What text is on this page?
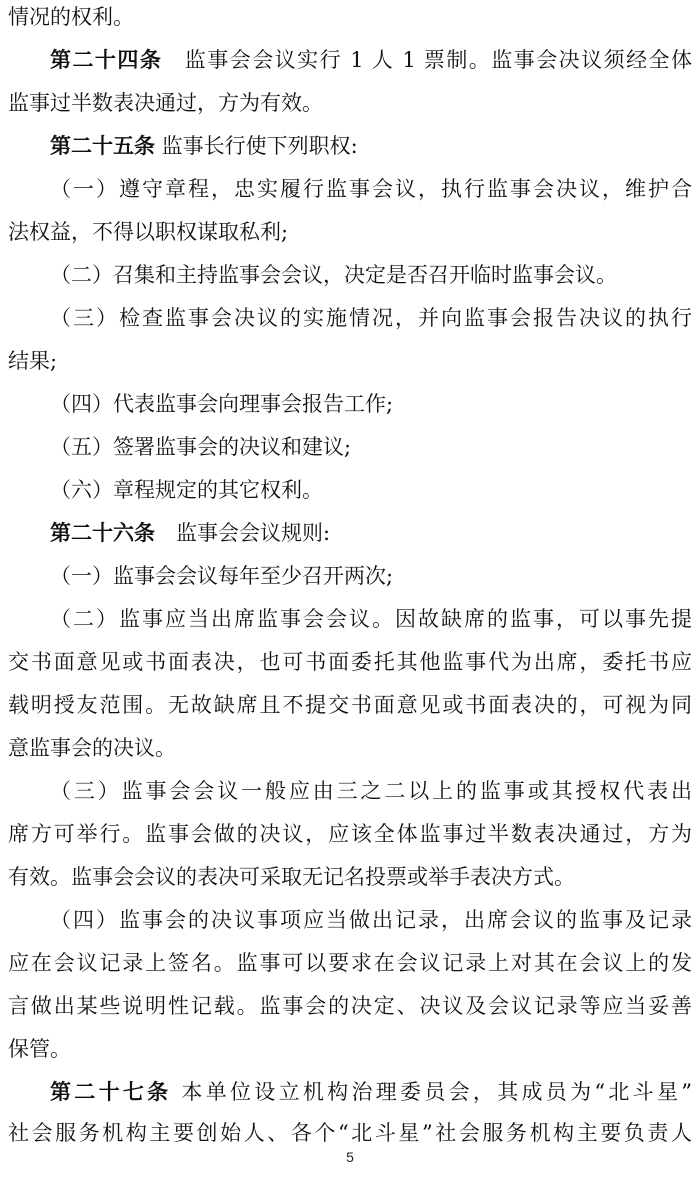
情况的权利。
第二十四条　监事会会议实行 1 人 1 票制。监事会决议须经全体
监事过半数表决通过，方为有效。
第二十五条 监事长行使下列职权:
（一）遵守章程，忠实履行监事会议，执行监事会决议，维护合
法权益，不得以职权谋取私利;
（二）召集和主持监事会会议，决定是否召开临时监事会议。
（三）检查监事会决议的实施情况，并向监事会报告决议的执行
结果;
（四）代表监事会向理事会报告工作;
（五）签署监事会的决议和建议;
（六）章程规定的其它权利。
第二十六条　监事会会议规则:
（一）监事会会议每年至少召开两次;
（二）监事应当出席监事会会议。因故缺席的监事，可以事先提
交书面意见或书面表决，也可书面委托其他监事代为出席，委托书应
载明授友范围。无故缺席且不提交书面意见或书面表决的，可视为同
意监事会的决议。
（三）监事会会议一般应由三之二以上的监事或其授权代表出
席方可举行。监事会做的决议，应该全体监事过半数表决通过，方为
有效。监事会会议的表决可采取无记名投票或举手表决方式。
（四）监事会的决议事项应当做出记录，出席会议的监事及记录
应在会议记录上签名。监事可以要求在会议记录上对其在会议上的发
言做出某些说明性记载。监事会的决定、决议及会议记录等应当妥善
保管。
第二十七条 本单位设立机构治理委员会，其成员为“北斗星”
社会服务机构主要创始人、各个“北斗星”社会服务机构主要负责人
5
